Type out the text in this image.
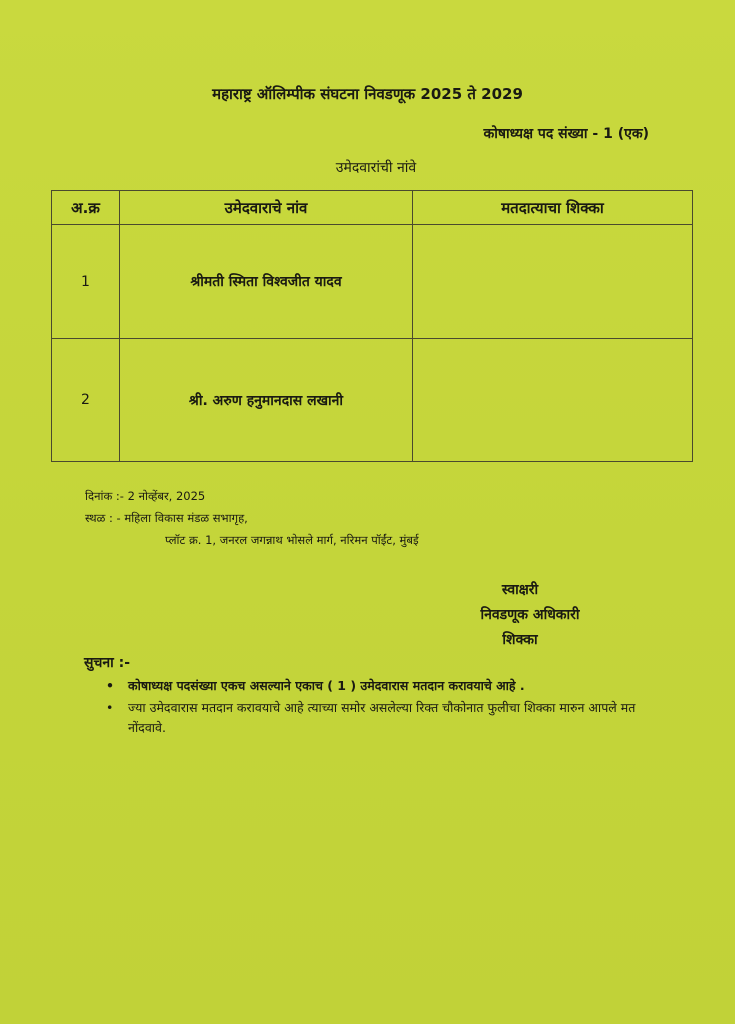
महाराष्ट्र ऑलिम्पीक संघटना निवडणूक 2025 ते 2029
कोषाध्यक्ष पद संख्या - 1 (एक)
उमेदवारांची नांवे
अ.क्र	उमेदवाराचे नांव	मतदात्याचा शिक्का
1	श्रीमती स्मिता विश्वजीत यादव	
2	श्री. अरुण हनुमानदास लखानी	
दिनांक :- 2 नोव्हेंबर, 2025
स्थळ : - महिला विकास मंडळ सभागृह,
प्लॉट क्र. 1, जनरल जगन्नाथ भोसले मार्ग, नरिमन पॉईंट, मुंबई
स्वाक्षरी
निवडणूक अधिकारी
शिक्का
सुचना :-
• कोषाध्यक्ष पदसंख्या एकच असल्याने एकाच ( 1 ) उमेदवारास मतदान करावयाचे आहे .
• ज्या उमेदवारास मतदान करावयाचे आहे त्याच्या समोर असलेल्या रिक्त चौकोनात फुलीचा शिक्का मारुन आपले मत नोंदवावे.
